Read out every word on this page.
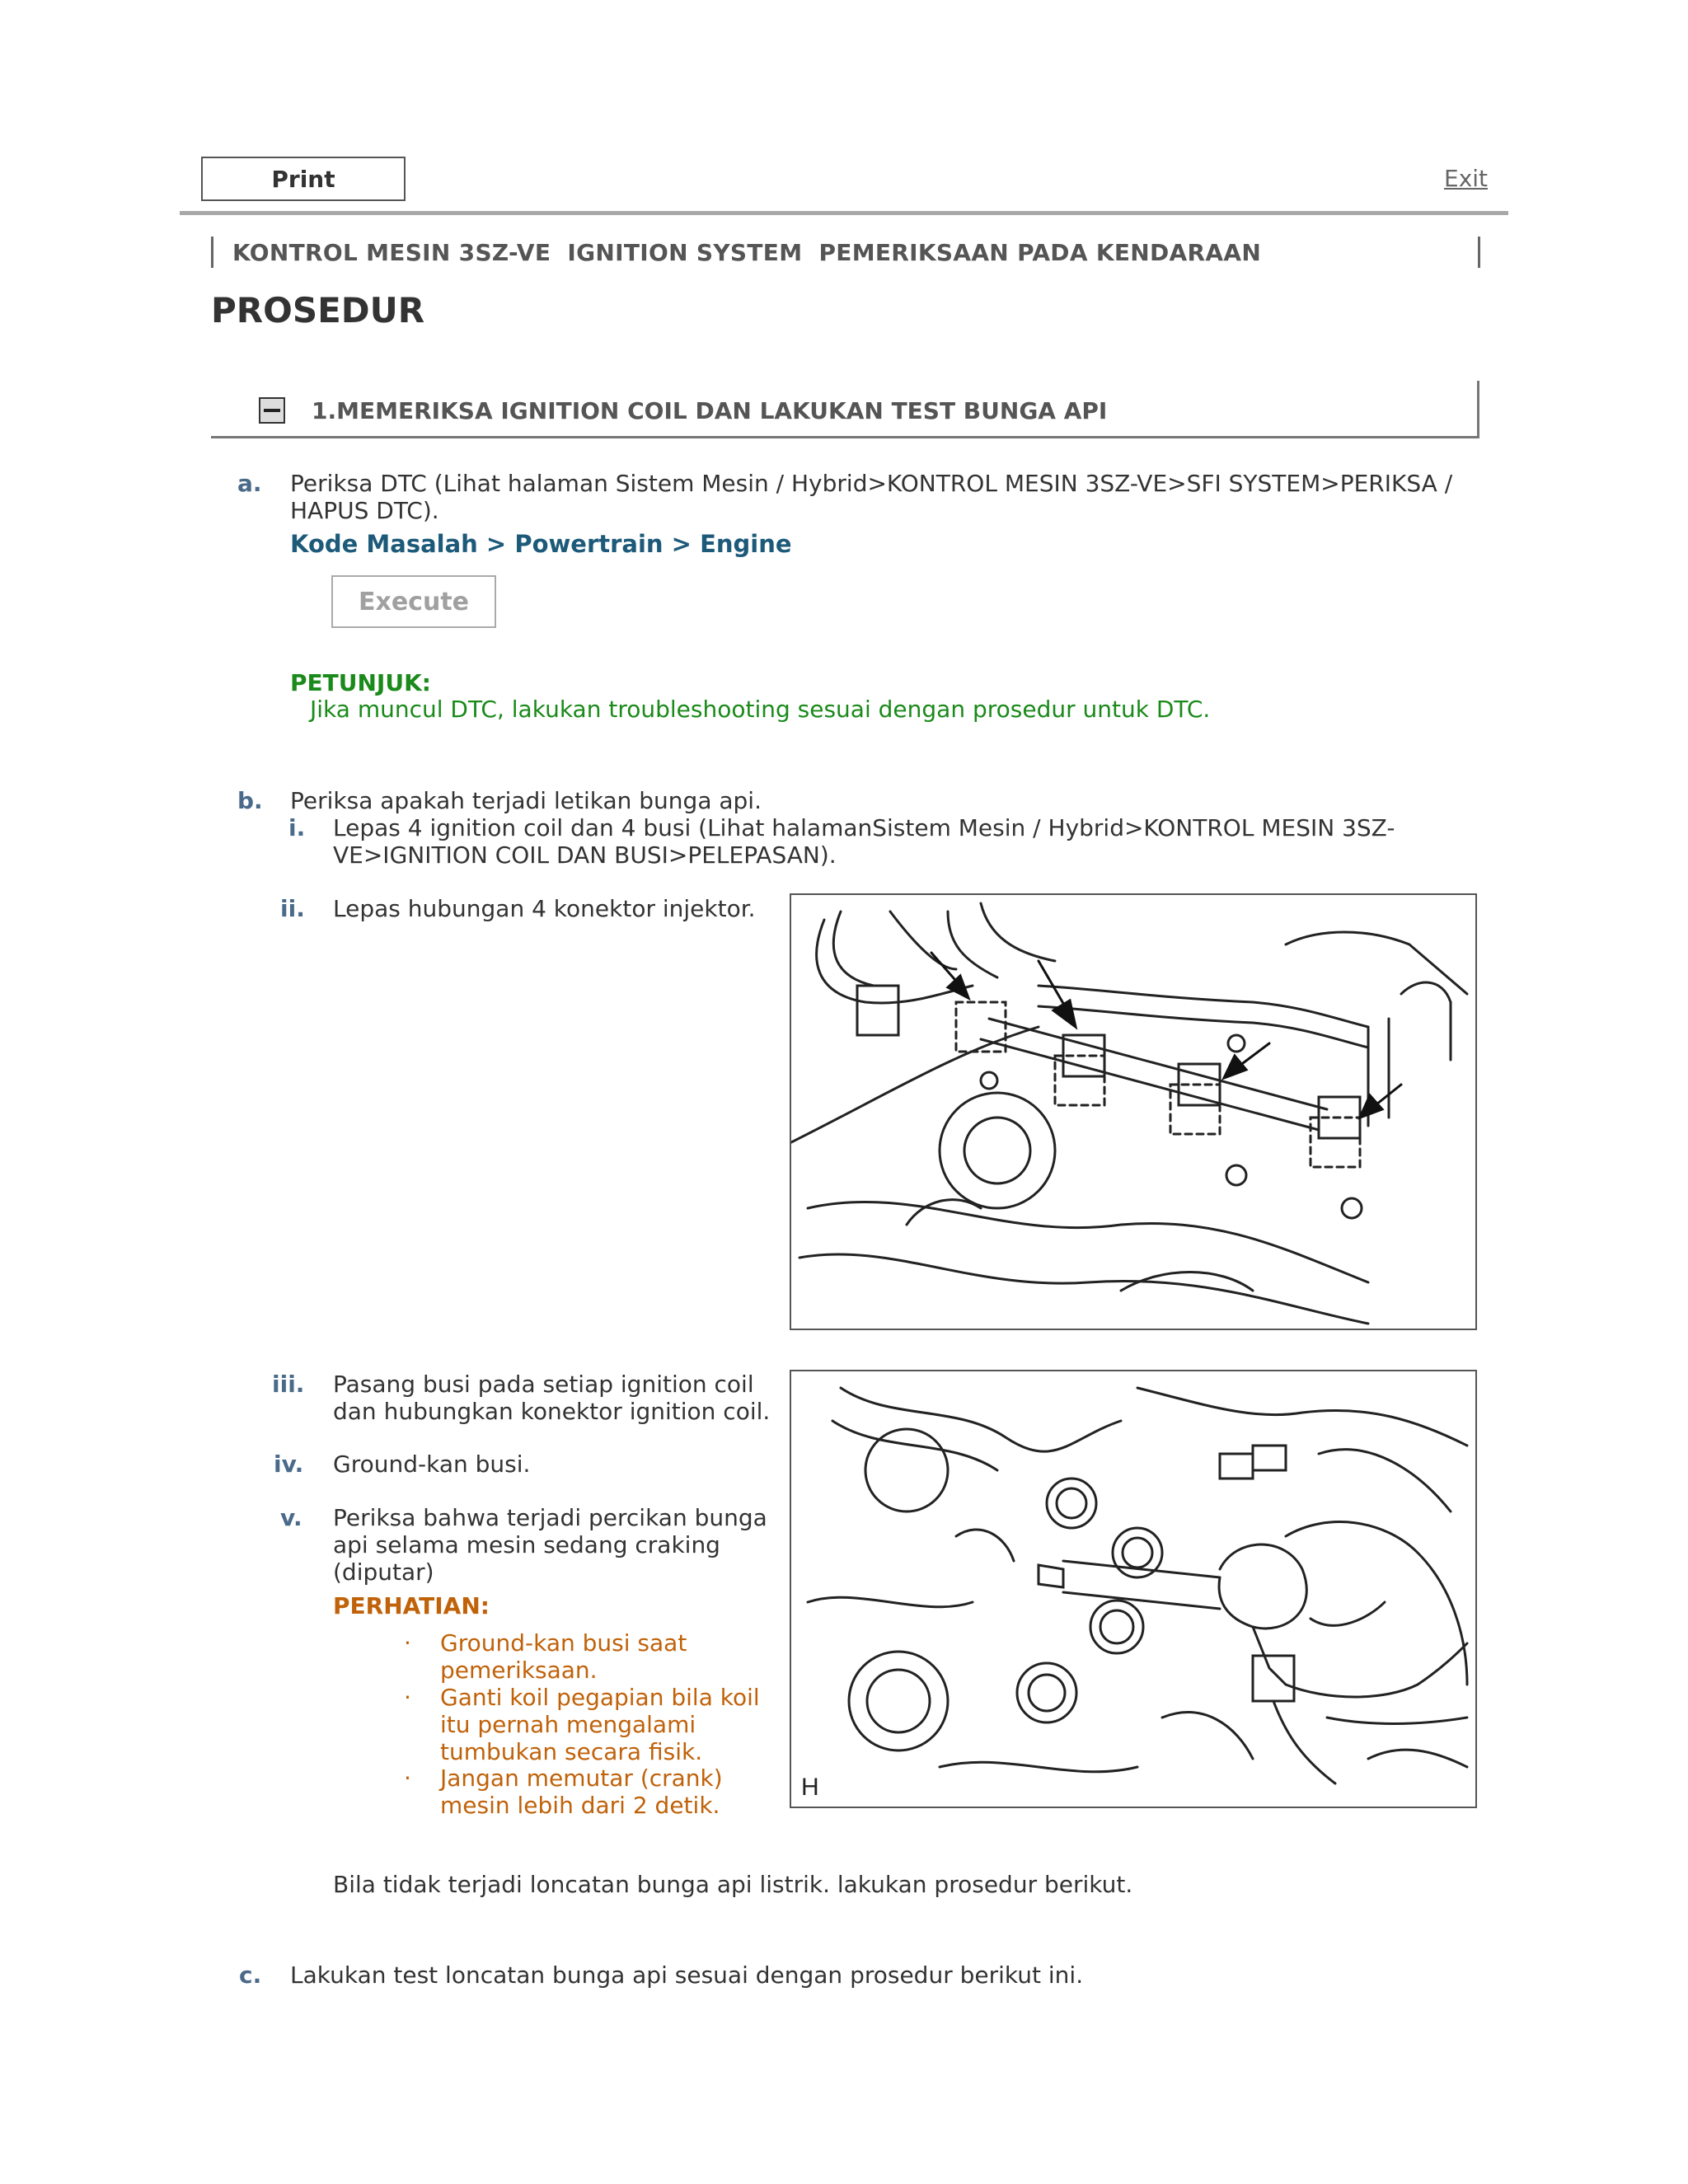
Print	Exit
KONTROL MESIN 3SZ-VE  IGNITION SYSTEM  PEMERIKSAAN PADA KENDARAAN
PROSEDUR
1.MEMERIKSA IGNITION COIL DAN LAKUKAN TEST BUNGA API
a. Periksa DTC (Lihat halaman Sistem Mesin / Hybrid>KONTROL MESIN 3SZ-VE>SFI SYSTEM>PERIKSA /
HAPUS DTC).
Kode Masalah > Powertrain > Engine
Execute
PETUNJUK:
Jika muncul DTC, lakukan troubleshooting sesuai dengan prosedur untuk DTC.
b. Periksa apakah terjadi letikan bunga api.
i. Lepas 4 ignition coil dan 4 busi (Lihat halamanSistem Mesin / Hybrid>KONTROL MESIN 3SZ-
VE>IGNITION COIL DAN BUSI>PELEPASAN).
ii. Lepas hubungan 4 konektor injektor.
iii. Pasang busi pada setiap ignition coil
dan hubungkan konektor ignition coil.
iv. Ground-kan busi.
v. Periksa bahwa terjadi percikan bunga
api selama mesin sedang craking
(diputar)
PERHATIAN:
· Ground-kan busi saat
pemeriksaan.
· Ganti koil pegapian bila koil
itu pernah mengalami
tumbukan secara fisik.
· Jangan memutar (crank)
mesin lebih dari 2 detik.
H
Bila tidak terjadi loncatan bunga api listrik. lakukan prosedur berikut.
c. Lakukan test loncatan bunga api sesuai dengan prosedur berikut ini.
